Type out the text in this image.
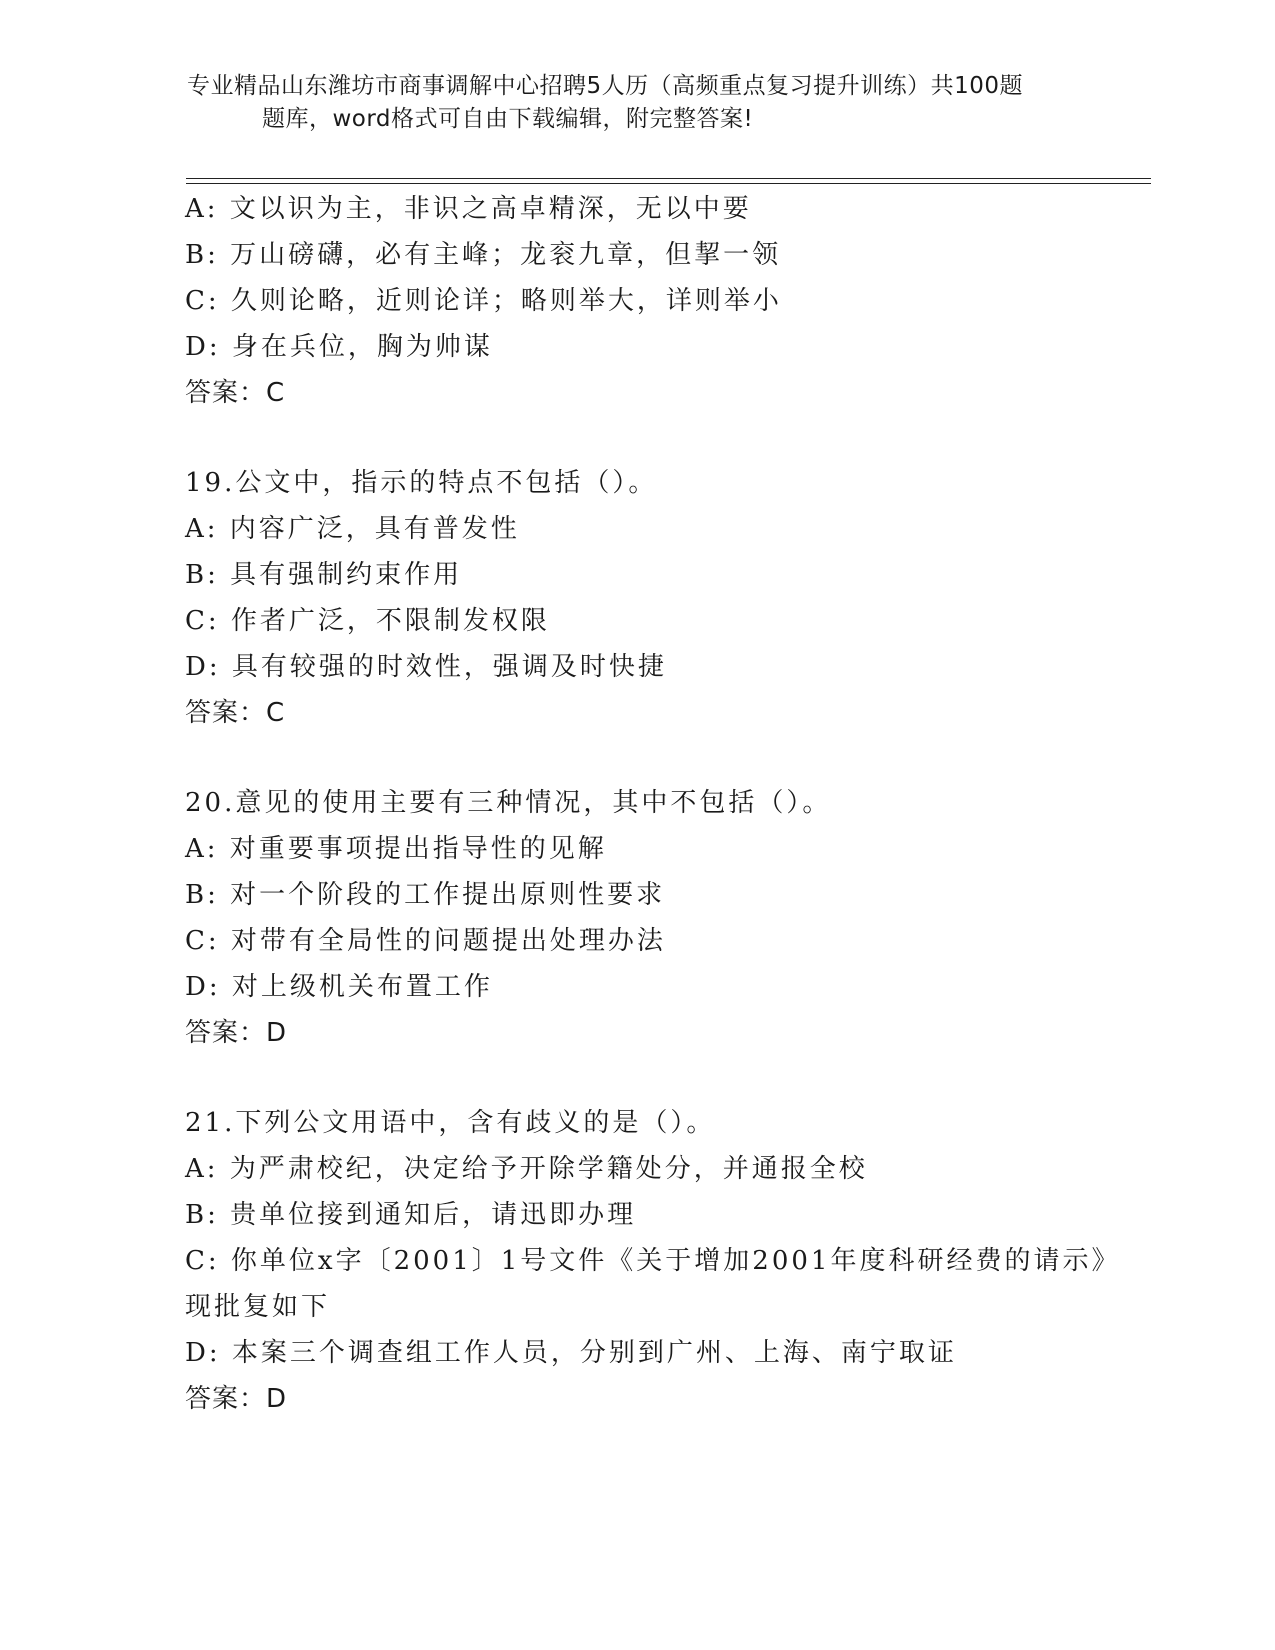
专业精品山东潍坊市商事调解中心招聘5人历（高频重点复习提升训练）共100题
题库，word格式可自由下载编辑，附完整答案!
A: 文以识为主，非识之高卓精深，无以中要
B: 万山磅礴，必有主峰；龙衮九章，但挈一领
C: 久则论略，近则论详；略则举大，详则举小
D: 身在兵位，胸为帅谋
答案：C
19.公文中，指示的特点不包括（）。
A: 内容广泛，具有普发性
B: 具有强制约束作用
C: 作者广泛，不限制发权限
D: 具有较强的时效性，强调及时快捷
答案：C
20.意见的使用主要有三种情况，其中不包括（）。
A: 对重要事项提出指导性的见解
B: 对一个阶段的工作提出原则性要求
C: 对带有全局性的问题提出处理办法
D: 对上级机关布置工作
答案：D
21.下列公文用语中，含有歧义的是（）。
A: 为严肃校纪，决定给予开除学籍处分，并通报全校
B: 贵单位接到通知后，请迅即办理
C: 你单位x字〔2001〕1号文件《关于增加2001年度科研经费的请示》现批复如下
D: 本案三个调查组工作人员，分别到广州、上海、南宁取证
答案：D
